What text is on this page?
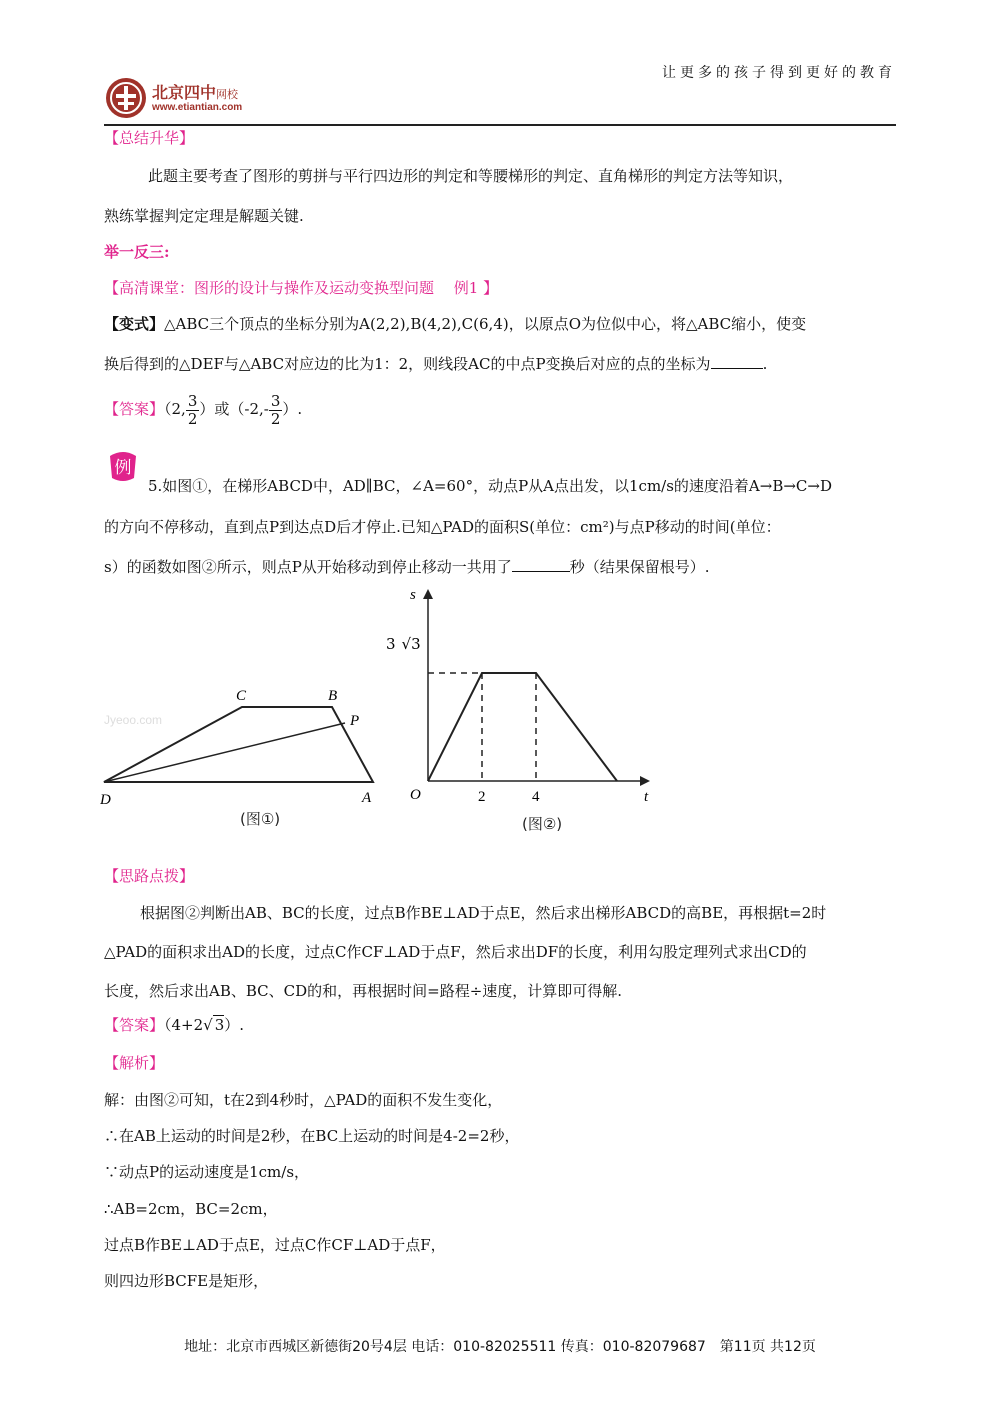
让更多的孩子得到更好的教育
北京四中网校
www.etiantian.com
【总结升华】
此题主要考查了图形的剪拼与平行四边形的判定和等腰梯形的判定、直角梯形的判定方法等知识，
熟练掌握判定定理是解题关键.
举一反三:
【高清课堂：图形的设计与操作及运动变换型问题　 例1 】
【变式】△ABC三个顶点的坐标分别为A(2,2),B(4,2),C(6,4)，以原点O为位似中心，将△ABC缩小，使变
换后得到的△DEF与△ABC对应边的比为1：2，则线段AC的中点P变换后对应的点的坐标为	.
【答案】（2, $\frac{3}{2}$ ）或（$-2,- \frac{3}{2}$ ）.
例
5.如图①，在梯形ABCD中，AD∥BC，∠A=60°，动点P从A点出发，以1cm/s的速度沿着A→B→C→D
的方向不停移动，直到点P到达点D后才停止.已知△PAD的面积S(单位：cm²)与点P移动的时间(单位：
s）的函数如图②所示，则点P从开始移动到停止移动一共用了	秒（结果保留根号）.
Jyeoo.com
D	A
C	B
P
(图①)
s
t
O	2	4
3 √3
(图②)
【思路点拨】
根据图②判断出AB、BC的长度，过点B作BE⊥AD于点E，然后求出梯形ABCD的高BE，再根据t=2时
△PAD的面积求出AD的长度，过点C作CF⊥AD于点F，然后求出DF的长度，利用勾股定理列式求出CD的
长度，然后求出AB、BC、CD的和，再根据时间=路程÷速度，计算即可得解.
【答案】（4+2√ 3）.
【解析】
解：由图②可知，t在2到4秒时，△PAD的面积不发生变化，
∴在AB上运动的时间是2秒，在BC上运动的时间是4-2=2秒，
∵动点P的运动速度是1cm/s，
∴AB=2cm，BC=2cm，
过点B作BE⊥AD于点E，过点C作CF⊥AD于点F，
则四边形BCFE是矩形，
地址：北京市西城区新德街20号4层 电话：010-82025511 传真：010-82079687　第11页 共12页
